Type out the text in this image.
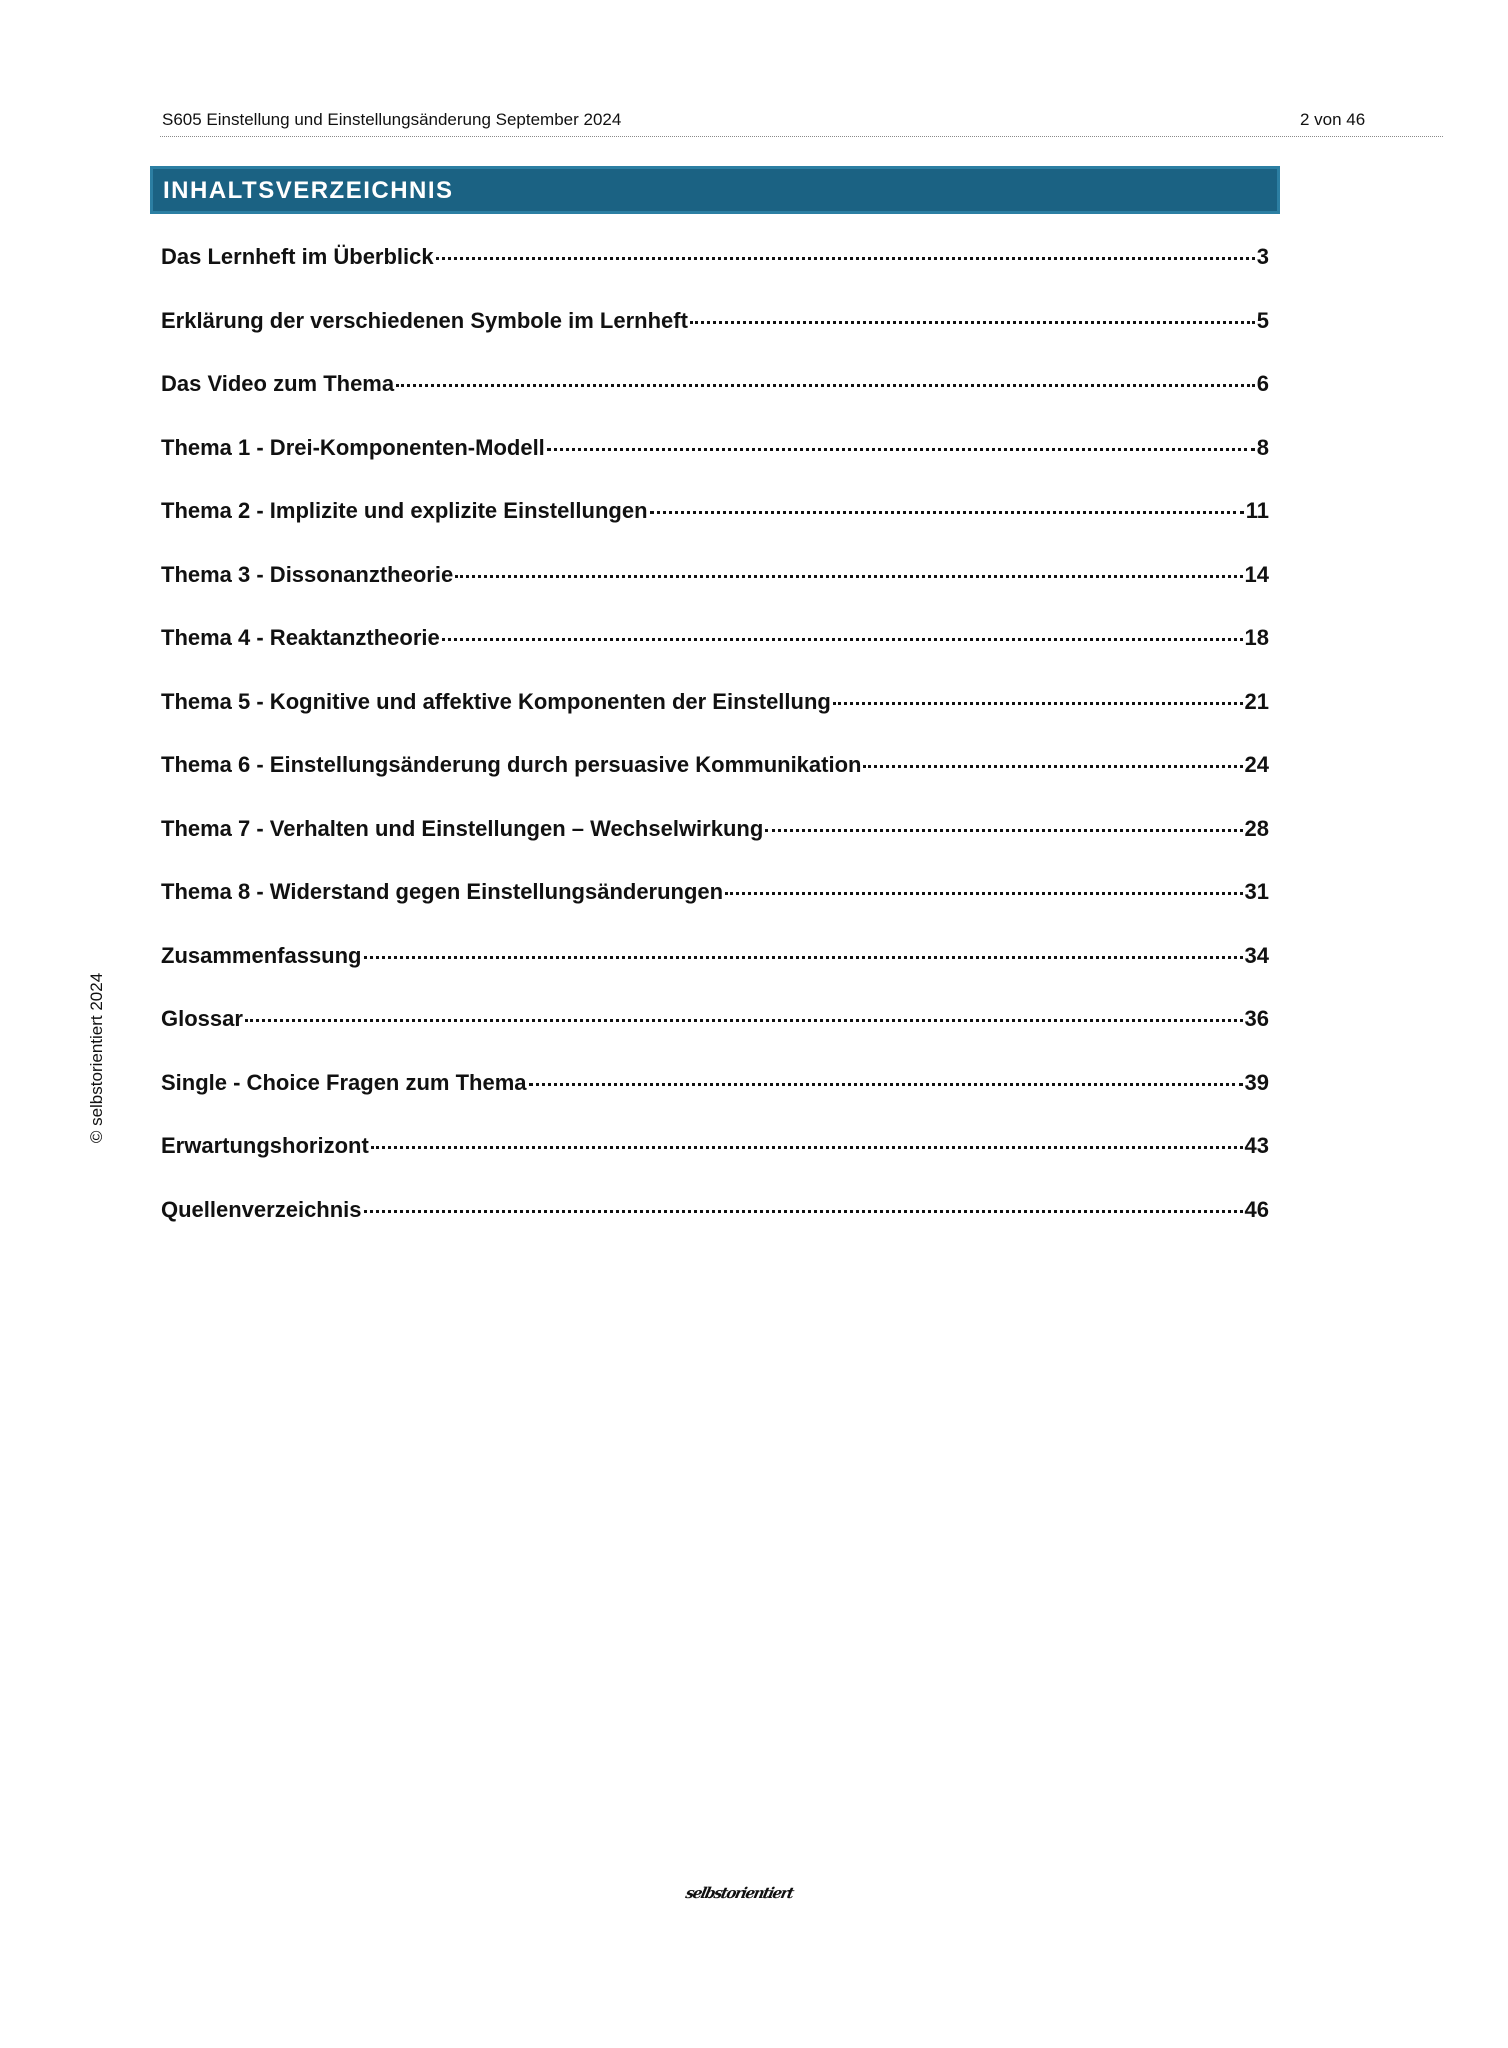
S605 Einstellung und Einstellungsänderung September 2024	2 von 46
INHALTSVERZEICHNIS
Das Lernheft im Überblick	3
Erklärung der verschiedenen Symbole im Lernheft	5
Das Video zum Thema	6
Thema 1 - Drei-Komponenten-Modell	8
Thema 2 - Implizite und explizite Einstellungen	11
Thema 3 - Dissonanztheorie	14
Thema 4 - Reaktanztheorie	18
Thema 5 - Kognitive und affektive Komponenten der Einstellung	21
Thema 6 - Einstellungsänderung durch persuasive Kommunikation	24
Thema 7 - Verhalten und Einstellungen – Wechselwirkung	28
Thema 8 - Widerstand gegen Einstellungsänderungen	31
Zusammenfassung	34
Glossar	36
Single - Choice Fragen zum Thema	39
Erwartungshorizont	43
Quellenverzeichnis	46
© selbstorientiert 2024
selbstorientiert
